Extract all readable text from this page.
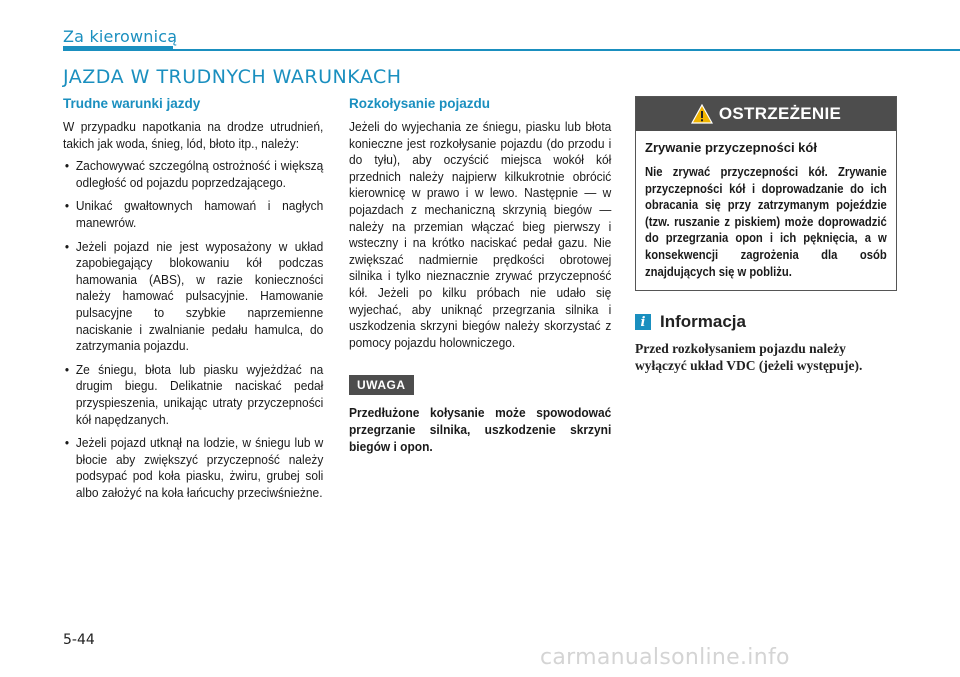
Za kierownicą
JAZDA W TRUDNYCH WARUNKACH
Trudne warunki jazdy

W przypadku napotkania na drodze utrudnień, takich jak woda, śnieg, lód, błoto itp., należy:

• Zachowywać szczególną ostrożność i większą odległość od pojazdu poprzedzającego.
• Unikać gwałtownych hamowań i nagłych manewrów.
• Jeżeli pojazd nie jest wyposażony w układ zapobiegający blokowaniu kół podczas hamowania (ABS), w razie konieczności należy hamować pulsacyjnie. Hamowanie pulsacyjne to szybkie naprzemienne naciskanie i zwalnianie pedału hamulca, do zatrzymania pojazdu.
• Ze śniegu, błota lub piasku wyjeżdżać na drugim biegu. Delikatnie naciskać pedał przyspieszenia, unikając utraty przyczepności kół napędzanych.
• Jeżeli pojazd utknął na lodzie, w śniegu lub w błocie aby zwiększyć przyczepność należy podsypać pod koła piasku, żwiru, grubej soli albo założyć na koła łańcuchy przeciwśnieżne.
Rozkołysanie pojazdu

Jeżeli do wyjechania ze śniegu, piasku lub błota konieczne jest rozkołysanie pojazdu (do przodu i do tyłu), aby oczyścić miejsca wokół kół przednich należy najpierw kilkukrotnie obrócić kierownicę w prawo i w lewo. Następnie — w pojazdach z mechaniczną skrzynią biegów — należy na przemian włączać bieg pierwszy i wsteczny i na krótko naciskać pedał gazu. Nie zwiększać nadmiernie prędkości obrotowej silnika i tylko nieznacznie zrywać przyczepność kół. Jeżeli po kilku próbach nie udało się wyjechać, aby uniknąć przegrzania silnika i uszkodzenia skrzyni biegów należy skorzystać z pomocy pojazdu holowniczego.

UWAGA

Przedłużone kołysanie może spowodować przegrzanie silnika, uszkodzenie skrzyni biegów i opon.

OSTRZEŻENIE
Zrywanie przyczepności kół
Nie zrywać przyczepności kół. Zrywanie przyczepności kół i doprowadzanie do ich obracania się przy zatrzymanym pojeździe (tzw. ruszanie z piskiem) może doprowadzić do przegrzania opon i ich pęknięcia, a w konsekwencji zagrożenia dla osób znajdujących się w pobliżu.
i Informacja
Przed rozkołysaniem pojazdu należy wyłączyć układ VDC (jeżeli występuje).
5-44
carmanualsonline.info
